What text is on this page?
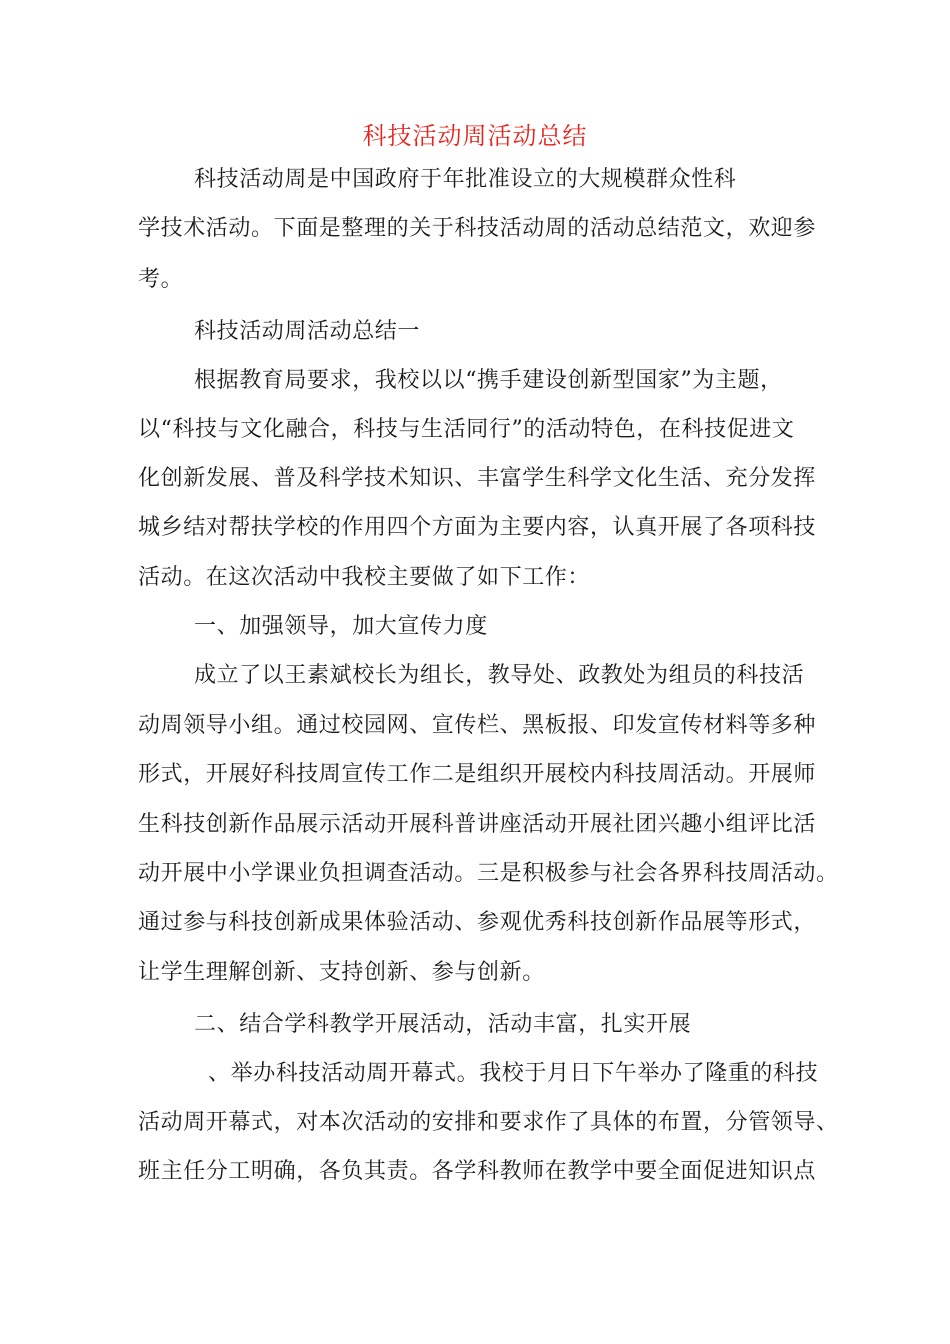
科技活动周活动总结
科技活动周是中国政府于年批准设立的大规模群众性科
学技术活动。下面是整理的关于科技活动周的活动总结范文，欢迎参
考。
科技活动周活动总结一
根据教育局要求，我校以以“携手建设创新型国家”为主题，
以“科技与文化融合，科技与生活同行”的活动特色，在科技促进文
化创新发展、普及科学技术知识、丰富学生科学文化生活、充分发挥
城乡结对帮扶学校的作用四个方面为主要内容，认真开展了各项科技
活动。在这次活动中我校主要做了如下工作：
一、加强领导，加大宣传力度
成立了以王素斌校长为组长，教导处、政教处为组员的科技活
动周领导小组。通过校园网、宣传栏、黑板报、印发宣传材料等多种
形式，开展好科技周宣传工作二是组织开展校内科技周活动。开展师
生科技创新作品展示活动开展科普讲座活动开展社团兴趣小组评比活
动开展中小学课业负担调查活动。三是积极参与社会各界科技周活动。
通过参与科技创新成果体验活动、参观优秀科技创新作品展等形式，
让学生理解创新、支持创新、参与创新。
二、结合学科教学开展活动，活动丰富，扎实开展
、举办科技活动周开幕式。我校于月日下午举办了隆重的科技
活动周开幕式，对本次活动的安排和要求作了具体的布置，分管领导、
班主任分工明确，各负其责。各学科教师在教学中要全面促进知识点
